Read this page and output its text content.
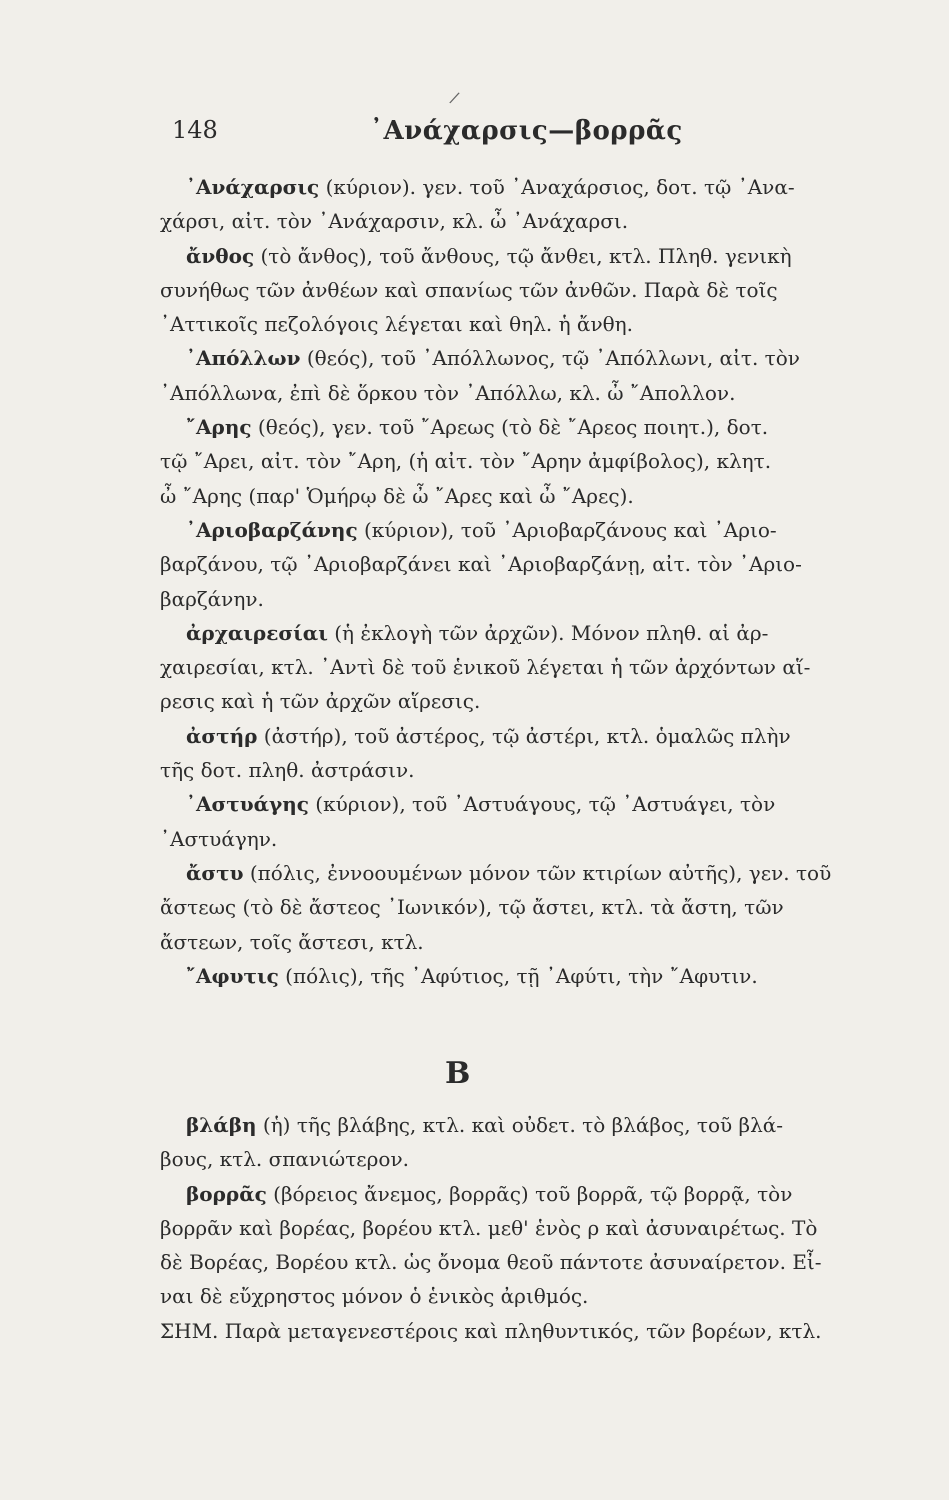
/
148	᾿Ανάχαρσις—βορρᾶς
᾿Ανάχαρσις (κύριον). γεν. τοῦ ᾿Αναχάρσιος, δοτ. τῷ ᾿Ανα-
χάρσι, αἰτ. τὸν ᾿Ανάχαρσιν, κλ. ὦ ᾿Ανάχαρσι.
ἄνθος (τὸ ἄνθος), τοῦ ἄνθους, τῷ ἄνθει, κτλ. Πληθ. γενικὴ
συνήθως τῶν ἀνθέων καὶ σπανίως τῶν ἀνθῶν. Παρὰ δὲ τοῖς
᾿Αττικοῖς πεζολόγοις λέγεται καὶ θηλ. ἡ ἄνθη.
᾿Απόλλων (θεός), τοῦ ᾿Απόλλωνος, τῷ ᾿Απόλλωνι, αἰτ. τὸν
᾿Απόλλωνα, ἐπὶ δὲ ὅρκου τὸν ᾿Απόλλω, κλ. ὦ ῎Απολλον.
῎Αρης (θεός), γεν. τοῦ ῎Αρεως (τὸ δὲ ῎Αρεος ποιητ.), δοτ.
τῷ ῎Αρει, αἰτ. τὸν ῎Αρη, (ἡ αἰτ. τὸν ῎Αρην ἀμφίβολος), κλητ.
ὦ ῎Αρης (παρ' Ὁμήρῳ δὲ ὦ ῎Αρες καὶ ὦ ῎Αρες).
᾿Αριοβαρζάνης (κύριον), τοῦ ᾿Αριοβαρζάνους καὶ ᾿Αριο-
βαρζάνου, τῷ ᾿Αριοβαρζάνει καὶ ᾿Αριοβαρζάνῃ, αἰτ. τὸν ᾿Αριο-
βαρζάνην.
ἀρχαιρεσίαι (ἡ ἐκλογὴ τῶν ἀρχῶν). Μόνον πληθ. αἱ ἀρ-
χαιρεσίαι, κτλ. ᾿Αντὶ δὲ τοῦ ἑνικοῦ λέγεται ἡ τῶν ἀρχόντων αἵ-
ρεσις καὶ ἡ τῶν ἀρχῶν αἵρεσις.
ἀστήρ (ἀστήρ), τοῦ ἀστέρος, τῷ ἀστέρι, κτλ. ὁμαλῶς πλὴν
τῆς δοτ. πληθ. ἀστράσιν.
᾿Αστυάγης (κύριον), τοῦ ᾿Αστυάγους, τῷ ᾿Αστυάγει, τὸν
᾿Αστυάγην.
ἄστυ (πόλις, ἐννοουμένων μόνον τῶν κτιρίων αὐτῆς), γεν. τοῦ
ἄστεως (τὸ δὲ ἄστεος ᾿Ιωνικόν), τῷ ἄστει, κτλ. τὰ ἄστη, τῶν
ἄστεων, τοῖς ἄστεσι, κτλ.
῎Αφυτις (πόλις), τῆς ᾿Αφύτιος, τῇ ᾿Αφύτι, τὴν ῎Αφυτιν.
Β
βλάβη (ἡ) τῆς βλάβης, κτλ. καὶ οὐδετ. τὸ βλάβος, τοῦ βλά-
βους, κτλ. σπανιώτερον.
βορρᾶς (βόρειος ἄνεμος, βορρᾶς) τοῦ βορρᾶ, τῷ βορρᾷ, τὸν
βορρᾶν καὶ βορέας, βορέου κτλ. μεθ' ἑνὸς ρ καὶ ἀσυναιρέτως. Τὸ
δὲ Βορέας, Βορέου κτλ. ὡς ὄνομα θεοῦ πάντοτε ἀσυναίρετον. Εἶ-
ναι δὲ εὔχρηστος μόνον ὁ ἑνικὸς ἀριθμός.
ΣΗΜ. Παρὰ μεταγενεστέροις καὶ πληθυντικός, τῶν βορέων, κτλ.
